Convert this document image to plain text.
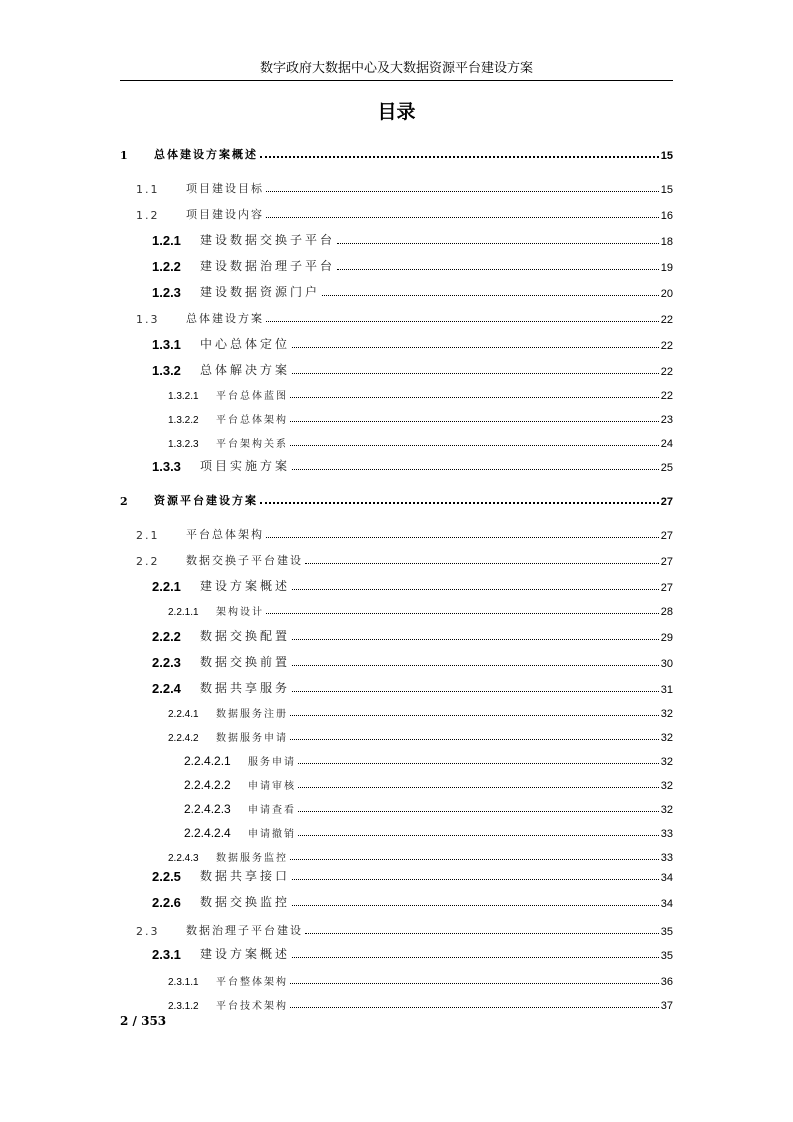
数字政府大数据中心及大数据资源平台建设方案
目录
1	总体建设方案概述	15
1.1	项目建设目标	15
1.2	项目建设内容	16
1.2.1	建设数据交换子平台	18
1.2.2	建设数据治理子平台	19
1.2.3	建设数据资源门户	20
1.3	总体建设方案	22
1.3.1	中心总体定位	22
1.3.2	总体解决方案	22
1.3.2.1	平台总体蓝图	22
1.3.2.2	平台总体架构	23
1.3.2.3	平台架构关系	24
1.3.3	项目实施方案	25
2	资源平台建设方案	27
2.1	平台总体架构	27
2.2	数据交换子平台建设	27
2.2.1	建设方案概述	27
2.2.1.1	架构设计	28
2.2.2	数据交换配置	29
2.2.3	数据交换前置	30
2.2.4	数据共享服务	31
2.2.4.1	数据服务注册	32
2.2.4.2	数据服务申请	32
2.2.4.2.1	服务申请	32
2.2.4.2.2	申请审核	32
2.2.4.2.3	申请查看	32
2.2.4.2.4	申请撤销	33
2.2.4.3	数据服务监控	33
2.2.5	数据共享接口	34
2.2.6	数据交换监控	34
2.3	数据治理子平台建设	35
2.3.1	建设方案概述	35
2.3.1.1	平台整体架构	36
2.3.1.2	平台技术架构	37
2 / 353
